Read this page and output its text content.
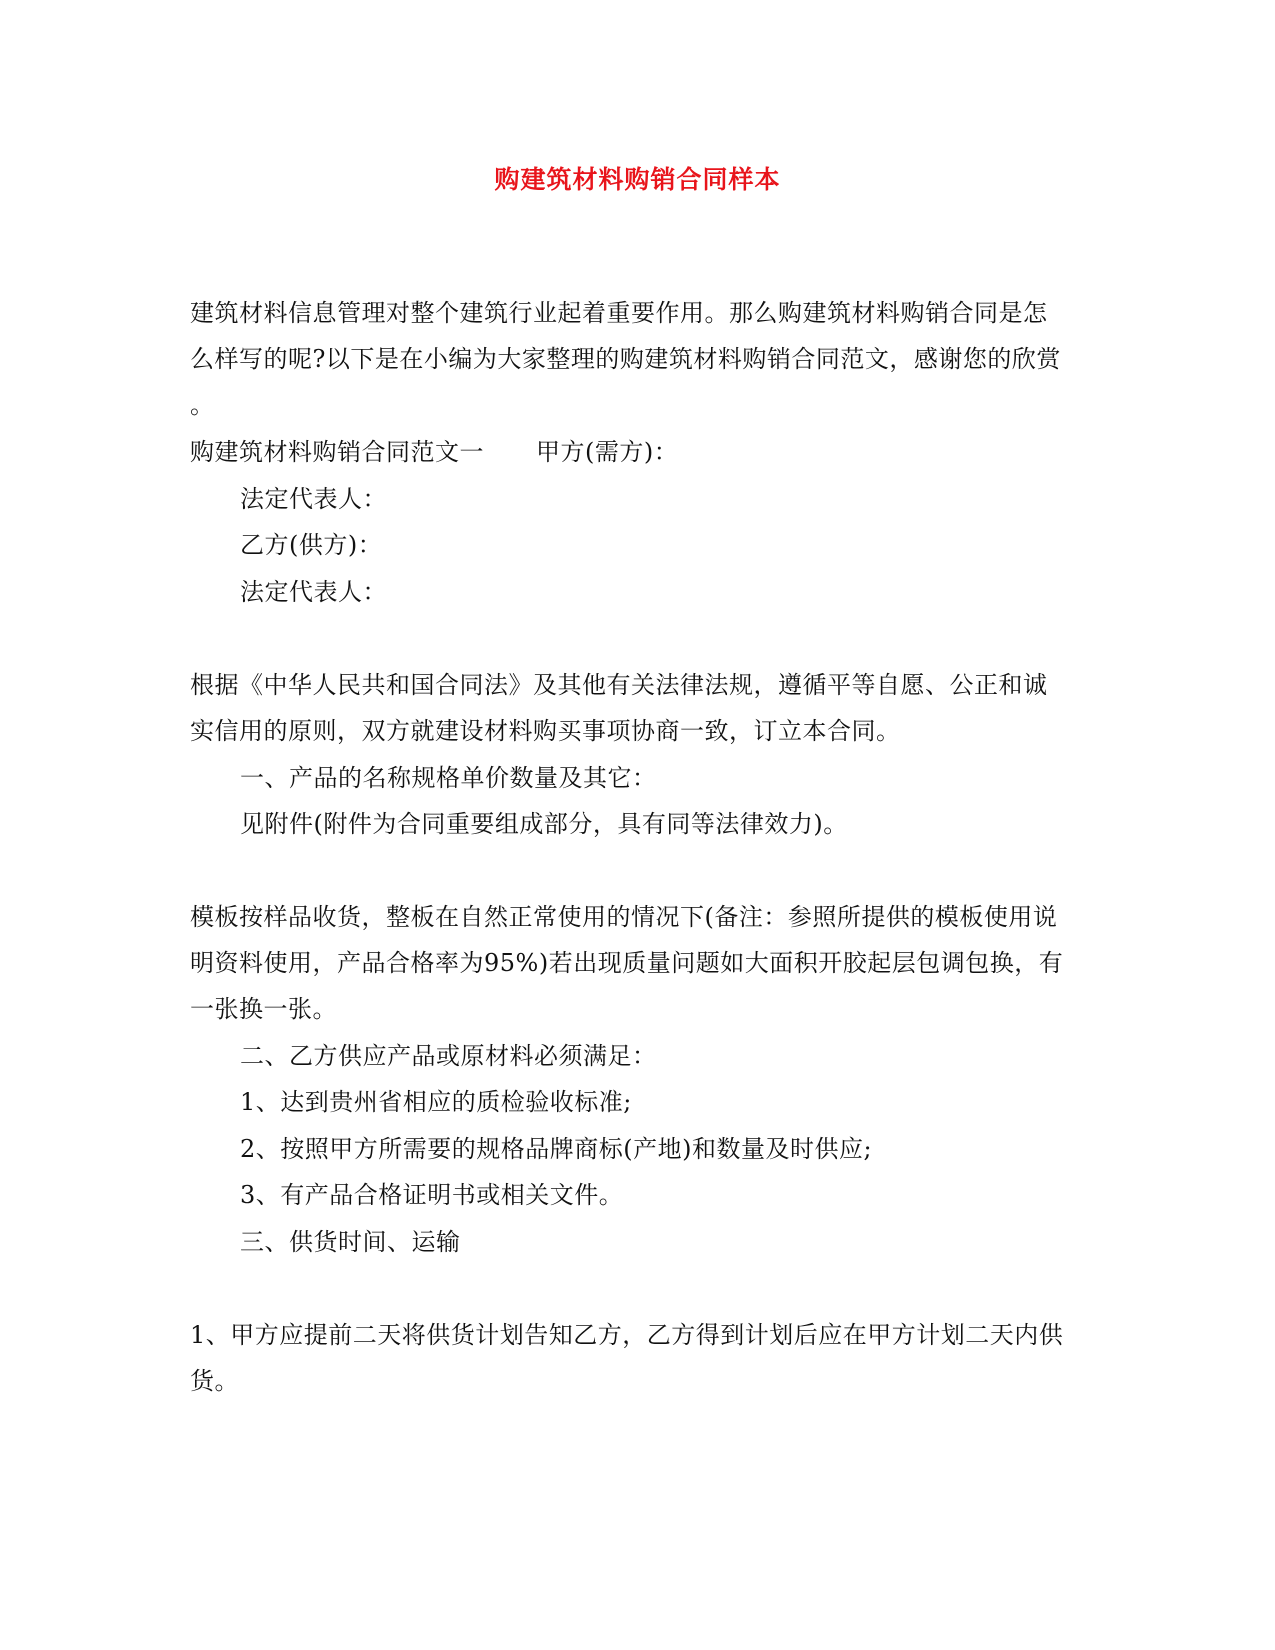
购建筑材料购销合同样本
建筑材料信息管理对整个建筑行业起着重要作用。那么购建筑材料购销合同是怎
么样写的呢?以下是在小编为大家整理的购建筑材料购销合同范文，感谢您的欣赏
。
购建筑材料购销合同范文一 甲方(需方)：
法定代表人：
乙方(供方)：
法定代表人：
根据《中华人民共和国合同法》及其他有关法律法规，遵循平等自愿、公正和诚
实信用的原则，双方就建设材料购买事项协商一致，订立本合同。
一、产品的名称规格单价数量及其它：
见附件(附件为合同重要组成部分，具有同等法律效力)。
模板按样品收货，整板在自然正常使用的情况下(备注：参照所提供的模板使用说
明资料使用，产品合格率为95%)若出现质量问题如大面积开胶起层包调包换，有
一张换一张。
二、乙方供应产品或原材料必须满足：
1、达到贵州省相应的质检验收标准;
2、按照甲方所需要的规格品牌商标(产地)和数量及时供应;
3、有产品合格证明书或相关文件。
三、供货时间、运输
1、甲方应提前二天将供货计划告知乙方，乙方得到计划后应在甲方计划二天内供
货。
